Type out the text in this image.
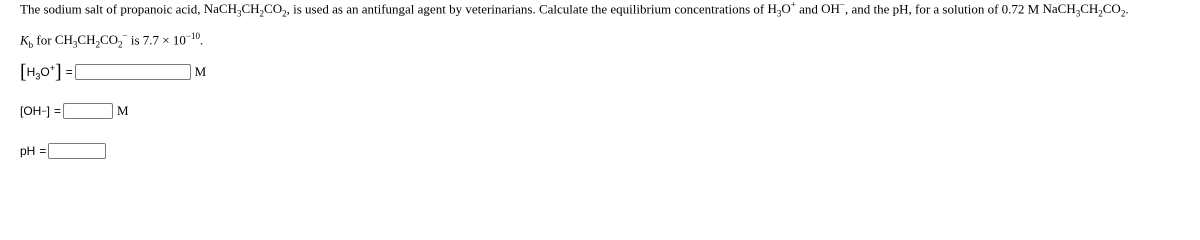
The sodium salt of propanoic acid, $NaCH_3CH_2CO_2$, is used as an antifungal agent by veterinarians. Calculate the equilibrium concentrations of $H_3O^+$ and OH−, and the pH, for a solution of 0.72 M $NaCH_3CH_2CO_2$.
$K_b$ for $CH_3CH_2CO_2^-$ is $7.7 \times 10^{-10}$.
[ $H_3O^+$ ] =	M
[OH − ] =	M
pH =
